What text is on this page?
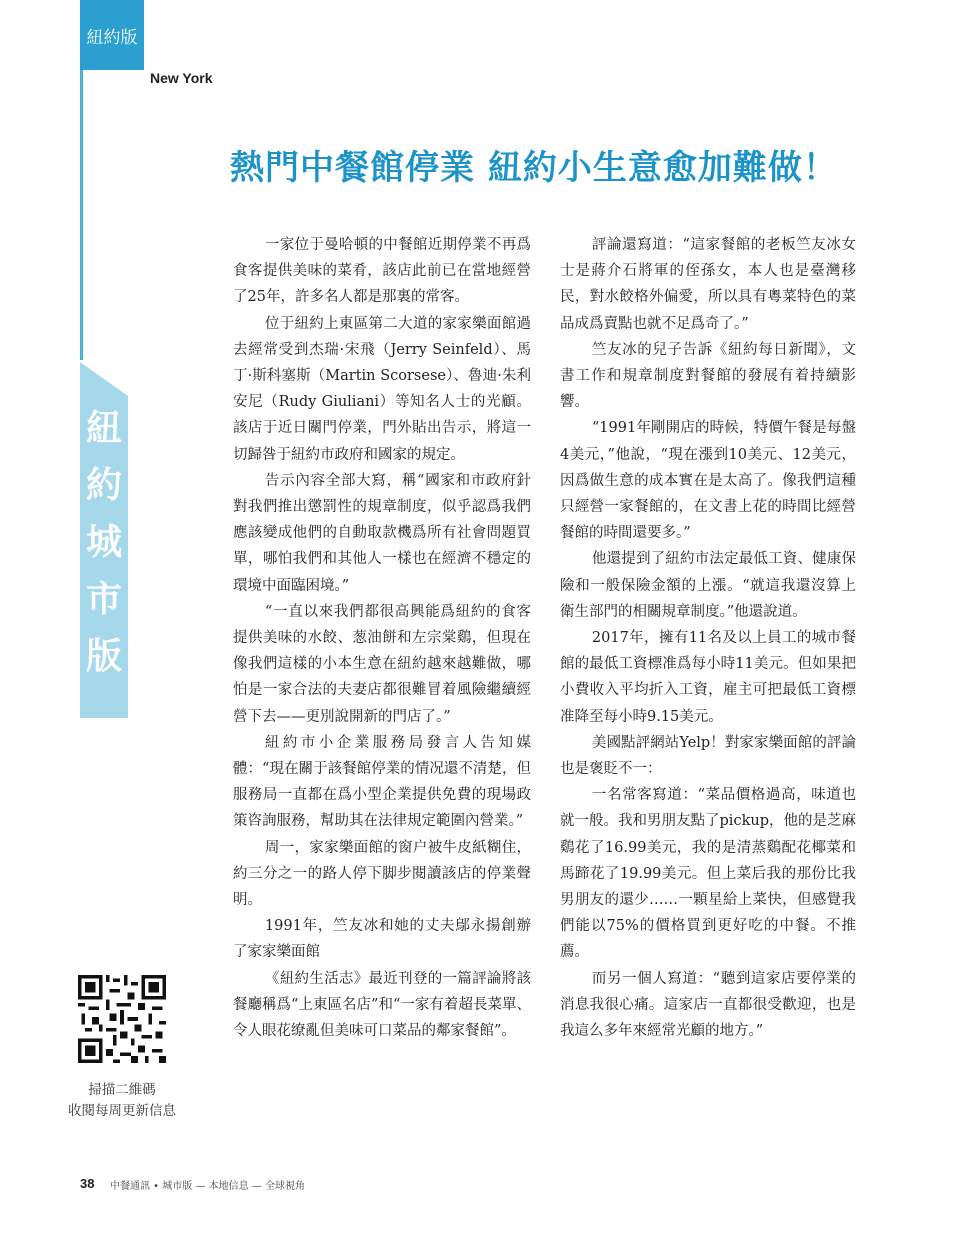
紐約版
New York
紐
約
城
市
版
熱門中餐館停業 紐約小生意愈加難做！

一家位于曼哈頓的中餐館近期停業不再爲食客提供美味的菜肴，該店此前已在當地經營了25年，許多名人都是那裏的常客。

位于紐約上東區第二大道的家家樂面館過去經常受到杰瑞·宋飛（Jerry Seinfeld）、馬丁·斯科塞斯（Martin Scorsese）、魯迪·朱利安尼（Rudy Giuliani）等知名人士的光顧。該店于近日關門停業，門外貼出告示，將這一切歸咎于紐約市政府和國家的規定。

告示內容全部大寫，稱“國家和市政府針對我們推出懲罰性的規章制度，似乎認爲我們應該變成他們的自動取款機爲所有社會問題買單，哪怕我們和其他人一樣也在經濟不穩定的環境中面臨困境。”

“一直以來我們都很高興能爲紐約的食客提供美味的水餃、葱油餅和左宗棠鷄，但現在像我們這樣的小本生意在紐約越來越難做，哪怕是一家合法的夫妻店都很難冒着風險繼續經營下去——更別說開新的門店了。”

紐約市小企業服務局發言人告知媒體：“現在關于該餐館停業的情况還不清楚，但服務局一直都在爲小型企業提供免費的現場政策咨詢服務，幫助其在法律規定範圍內營業。”

周一，家家樂面館的窗户被牛皮紙糊住，約三分之一的路人停下脚步閱讀該店的停業聲明。

1991年，竺友冰和她的丈夫鄔永揚創辦了家家樂面館

《紐約生活志》最近刊登的一篇評論將該餐廳稱爲“上東區名店”和“一家有着超長菜單、令人眼花缭亂但美味可口菜品的鄰家餐館”。

評論還寫道：“這家餐館的老板竺友冰女士是蔣介石將軍的侄孫女，本人也是臺灣移民，對水餃格外偏愛，所以具有粵菜特色的菜品成爲賣點也就不足爲奇了。”

竺友冰的兒子告訴《紐約每日新聞》，文書工作和規章制度對餐館的發展有着持續影響。

“1991年剛開店的時候，特價午餐是每盤4美元，”他說，“現在漲到10美元、12美元，因爲做生意的成本實在是太高了。像我們這種只經營一家餐館的，在文書上花的時間比經營餐館的時間還要多。”

他還提到了紐約市法定最低工資、健康保險和一般保險金額的上漲。“就這我還沒算上衛生部門的相關規章制度。”他還說道。

2017年，擁有11名及以上員工的城市餐館的最低工資標准爲每小時11美元。但如果把小費收入平均折入工資，雇主可把最低工資標准降至每小時9.15美元。

美國點評網站Yelp！對家家樂面館的評論也是褒貶不一：

一名常客寫道：“菜品價格過高，味道也就一般。我和男朋友點了pickup，他的是芝麻鷄花了16.99美元，我的是清蒸鷄配花椰菜和馬蹄花了19.99美元。但上菜后我的那份比我男朋友的還少……一顆星給上菜快，但感覺我們能以75%的價格買到更好吃的中餐。不推薦。

而另一個人寫道：“聽到這家店要停業的消息我很心痛。這家店一直都很受歡迎，也是我這么多年來經常光顧的地方。”

掃描二維碼
收閱每周更新信息
38 中餐通訊 • 城市版 — 本地信息 — 全球視角
